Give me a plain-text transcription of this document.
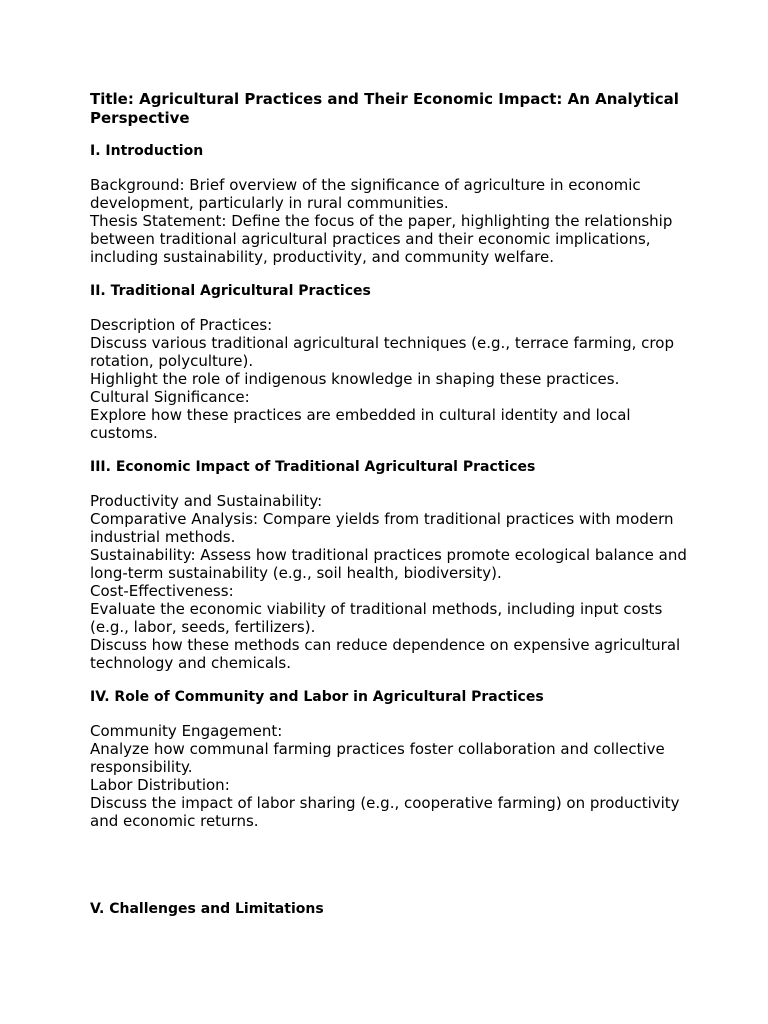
Title: Agricultural Practices and Their Economic Impact: An Analytical Perspective
I. Introduction
Background: Brief overview of the significance of agriculture in economic development, particularly in rural communities.
Thesis Statement: Define the focus of the paper, highlighting the relationship between traditional agricultural practices and their economic implications, including sustainability, productivity, and community welfare.
II. Traditional Agricultural Practices
Description of Practices:
Discuss various traditional agricultural techniques (e.g., terrace farming, crop rotation, polyculture).
Highlight the role of indigenous knowledge in shaping these practices.
Cultural Significance:
Explore how these practices are embedded in cultural identity and local customs.
III. Economic Impact of Traditional Agricultural Practices
Productivity and Sustainability:
Comparative Analysis: Compare yields from traditional practices with modern industrial methods.
Sustainability: Assess how traditional practices promote ecological balance and long-term sustainability (e.g., soil health, biodiversity).
Cost-Effectiveness:
Evaluate the economic viability of traditional methods, including input costs (e.g., labor, seeds, fertilizers).
Discuss how these methods can reduce dependence on expensive agricultural technology and chemicals.
IV. Role of Community and Labor in Agricultural Practices
Community Engagement:
Analyze how communal farming practices foster collaboration and collective responsibility.
Labor Distribution:
Discuss the impact of labor sharing (e.g., cooperative farming) on productivity and economic returns.
V. Challenges and Limitations
